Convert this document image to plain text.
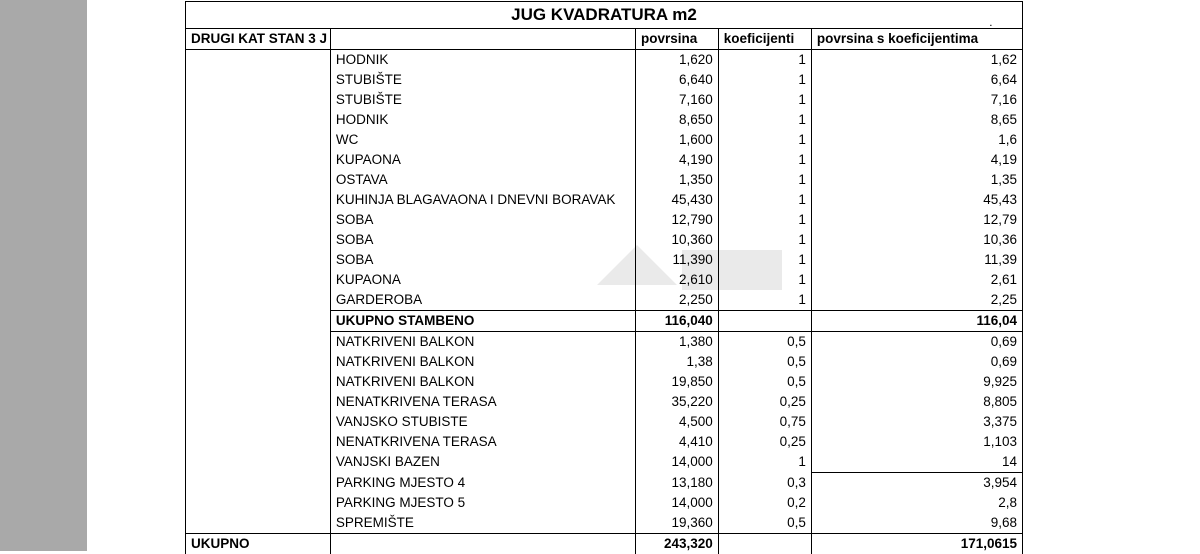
JUG KVADRATURA m2 .				

DRUGI KAT STAN 3 J		povrsina	koeficijenti	povrsina s koeficijentima
	HODNIK	1,620	1	1,62
	STUBIŠTE	6,640	1	6,64
	STUBIŠTE	7,160	1	7,16
	HODNIK	8,650	1	8,65
	WC	1,600	1	1,6
	KUPAONA	4,190	1	4,19
	OSTAVA	1,350	1	1,35
	KUHINJA BLAGAVAONA I DNEVNI BORAVAK	45,430	1	45,43
	SOBA	12,790	1	12,79
	SOBA	10,360	1	10,36
	SOBA	11,390	1	11,39
	KUPAONA	2,610	1	2,61
	GARDEROBA	2,250	1	2,25
	UKUPNO STAMBENO	116,040		116,04
	NATKRIVENI BALKON	1,380	0,5	0,69
	NATKRIVENI BALKON	1,38	0,5	0,69
	NATKRIVENI BALKON	19,850	0,5	9,925
	NENATKRIVENA TERASA	35,220	0,25	8,805
	VANJSKO STUBISTE	4,500	0,75	3,375
	NENATKRIVENA TERASA	4,410	0,25	1,103
	VANJSKI BAZEN	14,000	1	14
	PARKING MJESTO 4	13,180	0,3	3,954
	PARKING MJESTO 5	14,000	0,2	2,8
	SPREMIŠTE	19,360	0,5	9,68
UKUPNO		243,320		171,0615
